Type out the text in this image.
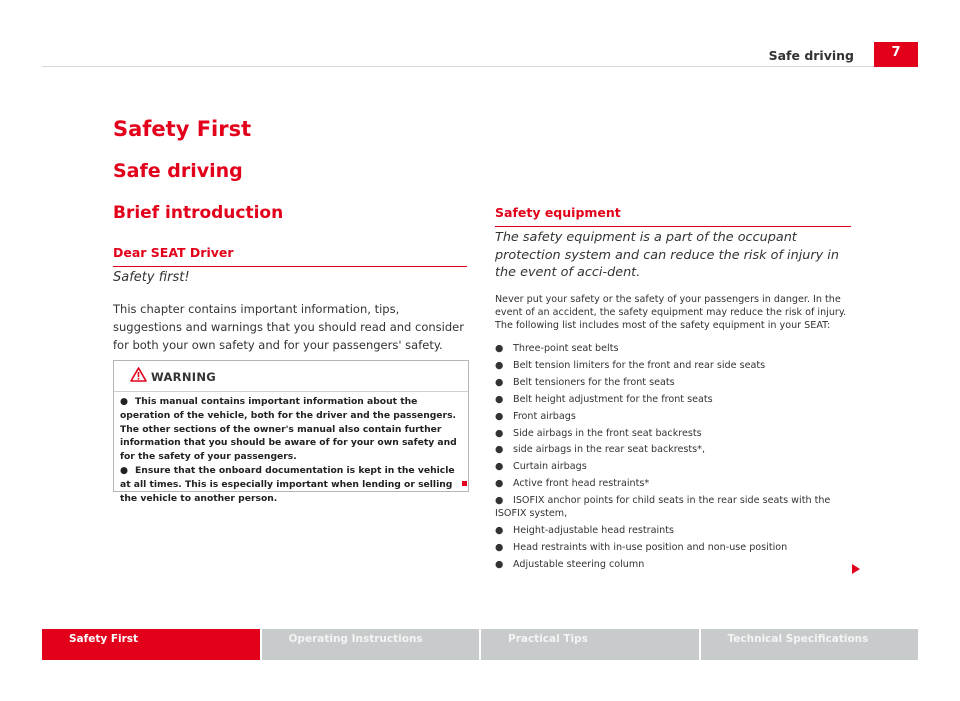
Safe driving	7
Safety First
Safe driving
Brief introduction
Dear SEAT Driver
Safety first!
This chapter contains important information, tips, suggestions and warnings that you should read and consider for both your own safety and for your passengers' safety.
WARNING

● This manual contains important information about the operation of the vehicle, both for the driver and the passengers. The other sections of the owner's manual also contain further information that you should be aware of for your own safety and for the safety of your passengers.

● Ensure that the onboard documentation is kept in the vehicle at all times. This is especially important when lending or selling the vehicle to another person.

Safety equipment
The safety equipment is a part of the occupant protection system and can reduce the risk of injury in the event of acci-dent.
Never put your safety or the safety of your passengers in danger. In the event of an accident, the safety equipment may reduce the risk of injury. The following list includes most of the safety equipment in your SEAT:
● Three-point seat belts
● Belt tension limiters for the front and rear side seats
● Belt tensioners for the front seats
● Belt height adjustment for the front seats
● Front airbags
● Side airbags in the front seat backrests
● side airbags in the rear seat backrests*,
● Curtain airbags
● Active front head restraints*
● ISOFIX anchor points for child seats in the rear side seats with the ISOFIX system,
● Height-adjustable head restraints
● Head restraints with in-use position and non-use position
● Adjustable steering column
Safety First	Operating Instructions	Practical Tips	Technical Specifications
